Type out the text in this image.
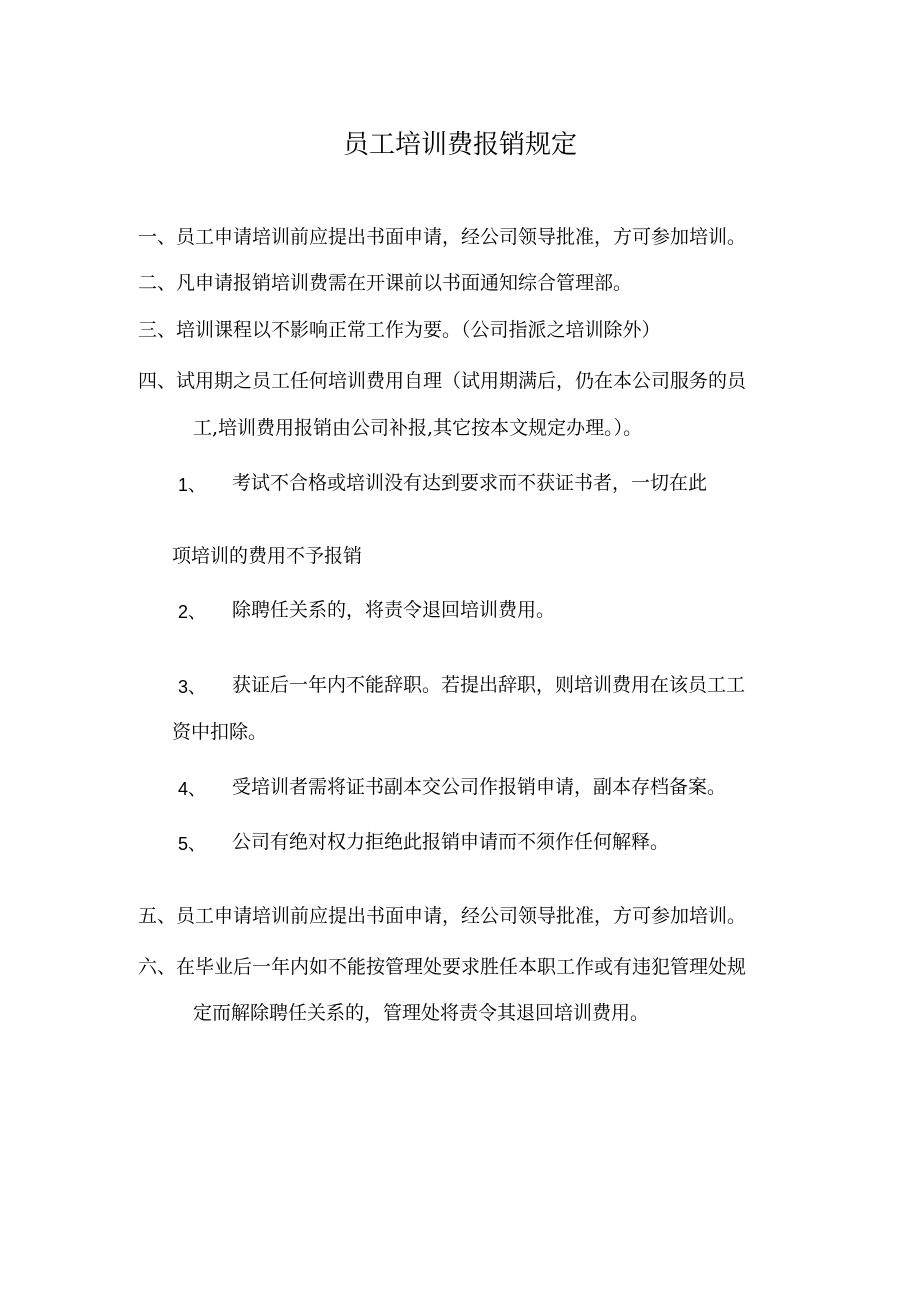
员工培训费报销规定
一、员工申请培训前应提出书面申请，经公司领导批准，方可参加培训。
二、凡申请报销培训费需在开课前以书面通知综合管理部。
三、培训课程以不影响正常工作为要。（公司指派之培训除外）
四、试用期之员工任何培训费用自理（试用期满后，仍在本公司服务的员
工,培训费用报销由公司补报,其它按本文规定办理。）。
1、 考试不合格或培训没有达到要求而不获证书者，一切在此
项培训的费用不予报销
2、 除聘任关系的，将责令退回培训费用。
3、 获证后一年内不能辞职。若提出辞职，则培训费用在该员工工
资中扣除。
4、 受培训者需将证书副本交公司作报销申请，副本存档备案。
5、 公司有绝对权力拒绝此报销申请而不须作任何解释。
五、员工申请培训前应提出书面申请，经公司领导批准，方可参加培训。
六、在毕业后一年内如不能按管理处要求胜任本职工作或有违犯管理处规
定而解除聘任关系的，管理处将责令其退回培训费用。
